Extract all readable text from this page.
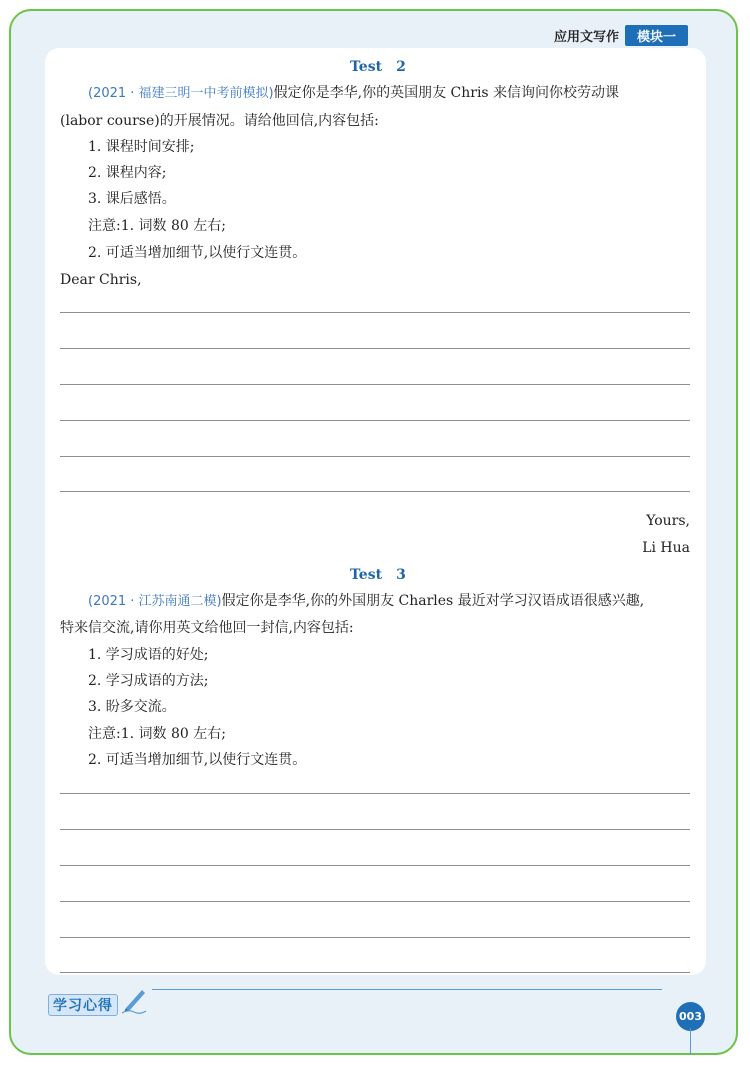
应用文写作	模块一
Test　2
(2021 · 福建三明一中考前模拟)假定你是李华,你的英国朋友 Chris 来信询问你校劳动课
(labor course)的开展情况。请给他回信,内容包括:
1. 课程时间安排;
2. 课程内容;
3. 课后感悟。
注意:1. 词数 80 左右;
2. 可适当增加细节,以使行文连贯。
Dear Chris,
Yours,
Li Hua
Test　3
(2021 · 江苏南通二模)假定你是李华,你的外国朋友 Charles 最近对学习汉语成语很感兴趣,
特来信交流,请你用英文给他回一封信,内容包括:
1. 学习成语的好处;
2. 学习成语的方法;
3. 盼多交流。
注意:1. 词数 80 左右;
2. 可适当增加细节,以使行文连贯。
学习心得
003
